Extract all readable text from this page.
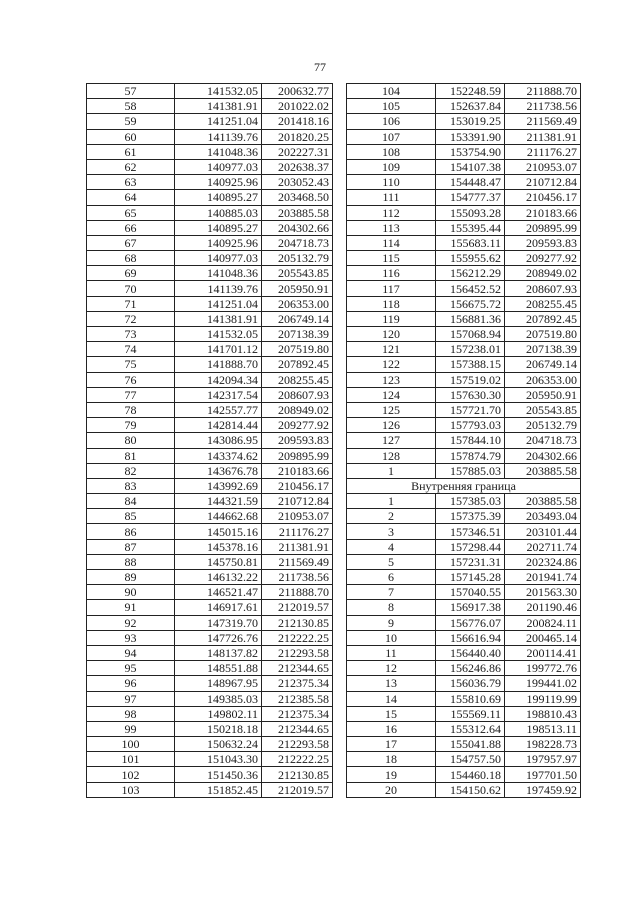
77
57	141532.05	200632.77
58	141381.91	201022.02
59	141251.04	201418.16
60	141139.76	201820.25
61	141048.36	202227.31
62	140977.03	202638.37
63	140925.96	203052.43
64	140895.27	203468.50
65	140885.03	203885.58
66	140895.27	204302.66
67	140925.96	204718.73
68	140977.03	205132.79
69	141048.36	205543.85
70	141139.76	205950.91
71	141251.04	206353.00
72	141381.91	206749.14
73	141532.05	207138.39
74	141701.12	207519.80
75	141888.70	207892.45
76	142094.34	208255.45
77	142317.54	208607.93
78	142557.77	208949.02
79	142814.44	209277.92
80	143086.95	209593.83
81	143374.62	209895.99
82	143676.78	210183.66
83	143992.69	210456.17
84	144321.59	210712.84
85	144662.68	210953.07
86	145015.16	211176.27
87	145378.16	211381.91
88	145750.81	211569.49
89	146132.22	211738.56
90	146521.47	211888.70
91	146917.61	212019.57
92	147319.70	212130.85
93	147726.76	212222.25
94	148137.82	212293.58
95	148551.88	212344.65
96	148967.95	212375.34
97	149385.03	212385.58
98	149802.11	212375.34
99	150218.18	212344.65
100	150632.24	212293.58
101	151043.30	212222.25
102	151450.36	212130.85
103	151852.45	212019.57
104	152248.59	211888.70
105	152637.84	211738.56
106	153019.25	211569.49
107	153391.90	211381.91
108	153754.90	211176.27
109	154107.38	210953.07
110	154448.47	210712.84
111	154777.37	210456.17
112	155093.28	210183.66
113	155395.44	209895.99
114	155683.11	209593.83
115	155955.62	209277.92
116	156212.29	208949.02
117	156452.52	208607.93
118	156675.72	208255.45
119	156881.36	207892.45
120	157068.94	207519.80
121	157238.01	207138.39
122	157388.15	206749.14
123	157519.02	206353.00
124	157630.30	205950.91
125	157721.70	205543.85
126	157793.03	205132.79
127	157844.10	204718.73
128	157874.79	204302.66
1	157885.03	203885.58
Внутренняя граница		
1	157385.03	203885.58
2	157375.39	203493.04
3	157346.51	203101.44
4	157298.44	202711.74
5	157231.31	202324.86
6	157145.28	201941.74
7	157040.55	201563.30
8	156917.38	201190.46
9	156776.07	200824.11
10	156616.94	200465.14
11	156440.40	200114.41
12	156246.86	199772.76
13	156036.79	199441.02
14	155810.69	199119.99
15	155569.11	198810.43
16	155312.64	198513.11
17	155041.88	198228.73
18	154757.50	197957.97
19	154460.18	197701.50
20	154150.62	197459.92
